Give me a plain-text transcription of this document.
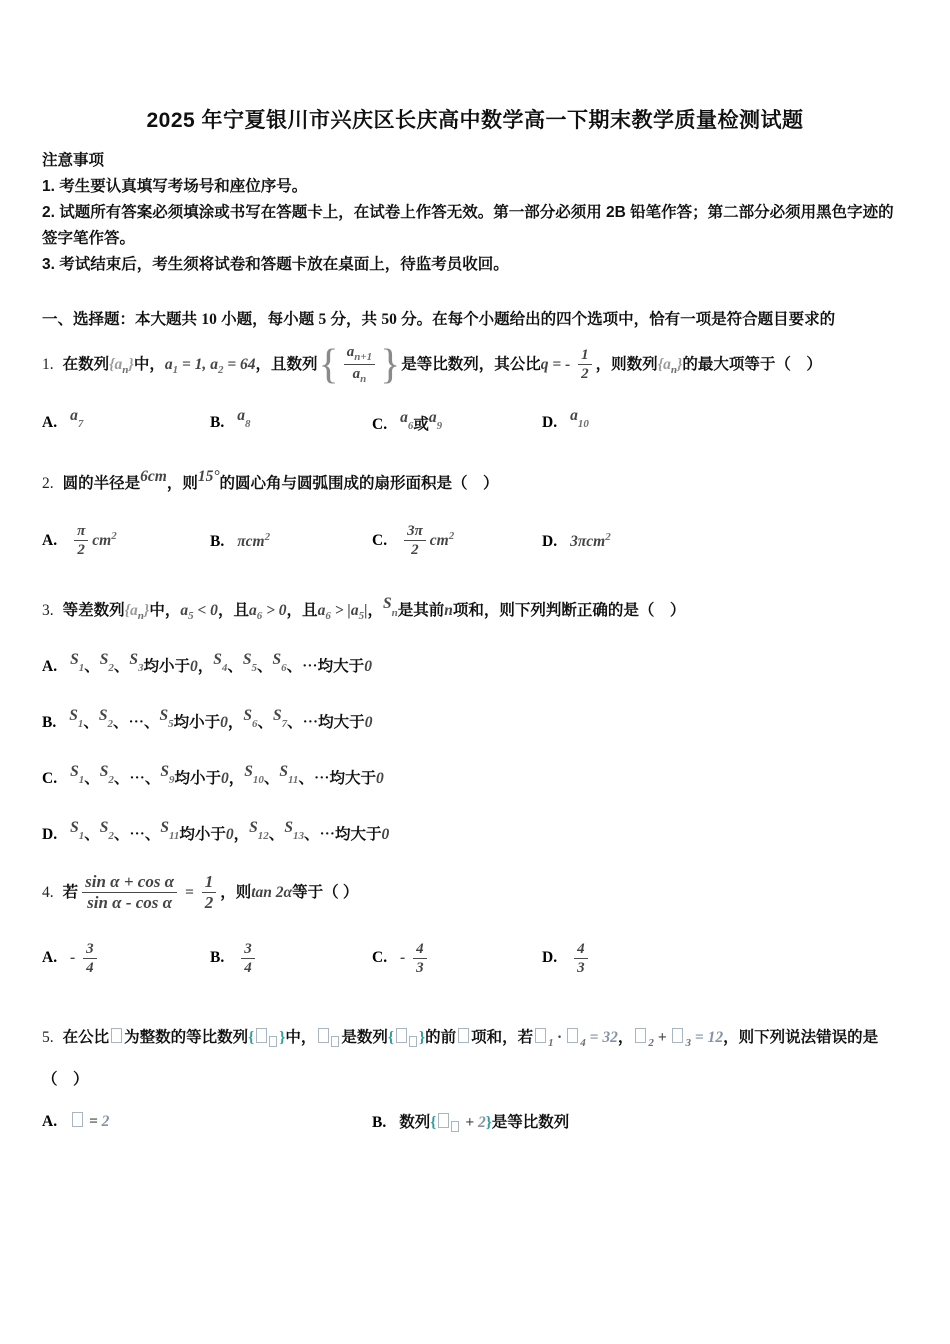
2025 年宁夏银川市兴庆区长庆高中数学高一下期末教学质量检测试题
注意事项
1. 考生要认真填写考场号和座位序号。
2. 试题所有答案必须填涂或书写在答题卡上，在试卷上作答无效。第一部分必须用 2B 铅笔作答；第二部分必须用黑色字迹的签字笔作答。
3. 考试结束后，考生须将试卷和答题卡放在桌面上，待监考员收回。
一、选择题：本大题共 10 小题，每小题 5 分，共 50 分。在每个小题给出的四个选项中，恰有一项是符合题目要求的
1. 在数列$\{a_n\}$中，$a_1 = 1$, $a_2 = 64$，且数列 { $\frac{a_{n+1}}{a_n}$ } 是等比数列，其公比q = - $\frac{1}{2}$ ，则数列$\{a_n\}$的最大项等于（　）
A. $a_7$	B. $a_8$	C. $a_6$或$a_9$	D. $a_{10}$
2. 圆的半径是6cm，则15°的圆心角与圆弧围成的扇形面积是（　）
A. $\frac{\pi}{2} cm^2$	B. πcm$^2$	C. $\frac{3\pi}{2} cm^2$	D. 3πcm$^2$
3. 等差数列$\{a_n\}$中，$a_5 < 0$，且$a_6 > 0$，且$a_6 > |a_5|$，$S_n$是其前n项和，则下列判断正确的是（　）
A. $S_1$、$S_2$、$S_3$均小于0，$S_4$、$S_5$、$S_6$、⋯均大于0
B. $S_1$、$S_2$、⋯、$S_5$均小于0，$S_6$、$S_7$、⋯均大于0
C. $S_1$、$S_2$、⋯、$S_9$均小于0，$S_{10}$、$S_{11}$、⋯均大于0
D. $S_1$、$S_2$、⋯、$S_{11}$均小于0，$S_{12}$、$S_{13}$、⋯均大于0
4. 若 $\frac{\text{sin α + cos α}}{\text{sin α - cos α}} = \frac{1}{2}$ ，则tan 2α等于（ ）
A. - $\frac{3}{4}$	B. $\frac{3}{4}$	C. - $\frac{4}{3}$	D. $\frac{4}{3}$
5. 在公比 为整数的等比数列{ }中， 是数列{ }的前 项和，若 $_1$ · $_4$ = 32， $_2$ + $_3$ = 12，则下列说法错误的是（　）
A. = 2	B. 数列{ + 2}是等比数列
